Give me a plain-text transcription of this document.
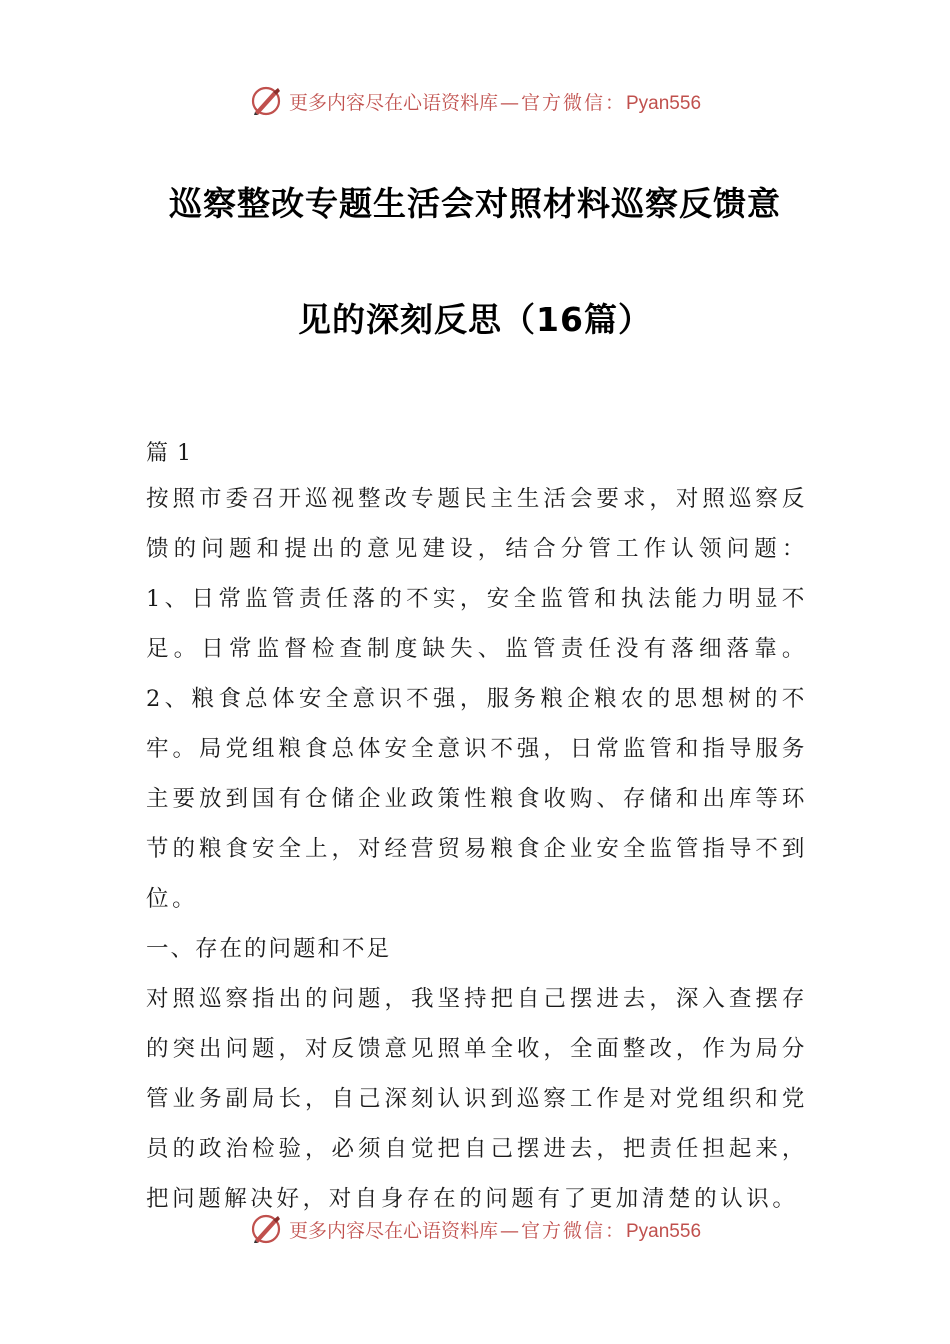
更多内容尽在心语资料库 — 官方微信：Pyan556
巡察整改专题生活会对照材料巡察反馈意
见的深刻反思（16篇）

篇 1

按照市委召开巡视整改专题民主生活会要求，对照巡察反馈的问题和提出的意见建设，结合分管工作认领问题：1、日常监管责任落的不实，安全监管和执法能力明显不足。日常监督检查制度缺失、监管责任没有落细落靠。2、粮食总体安全意识不强，服务粮企粮农的思想树的不牢。局党组粮食总体安全意识不强，日常监管和指导服务主要放到国有仓储企业政策性粮食收购、存储和出库等环节的粮食安全上，对经营贸易粮食企业安全监管指导不到位。

一、存在的问题和不足

对照巡察指出的问题，我坚持把自己摆进去，深入查摆存的突出问题，对反馈意见照单全收，全面整改，作为局分管业务副局长，自己深刻认识到巡察工作是对党组织和党员的政治检验，必须自觉把自己摆进去，把责任担起来，把问题解决好，对自身存在的问题有了更加清楚的认识。

更多内容尽在心语资料库 — 官方微信：Pyan556
